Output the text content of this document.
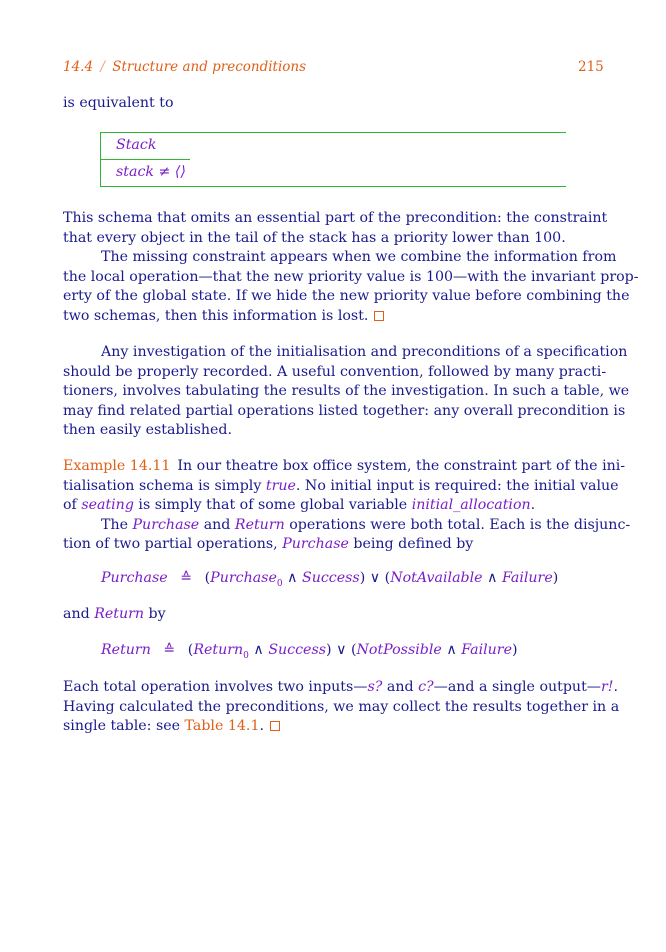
14.4 / Structure and preconditions	215
is equivalent to
Stack
stack ≠ ⟨⟩
This schema that omits an essential part of the precondition: the constraint
that every object in the tail of the stack has a priority lower than 100.
The missing constraint appears when we combine the information from
the local operation—that the new priority value is 100—with the invariant prop-
erty of the global state. If we hide the new priority value before combining the
two schemas, then this information is lost.
Any investigation of the initialisation and preconditions of a specification
should be properly recorded. A useful convention, followed by many practi-
tioners, involves tabulating the results of the investigation. In such a table, we
may find related partial operations listed together: any overall precondition is
then easily established.
Example 14.11 In our theatre box office system, the constraint part of the ini-
tialisation schema is simply true. No initial input is required: the initial value
of seating is simply that of some global variable initial_allocation.
The Purchase and Return operations were both total. Each is the disjunc-
tion of two partial operations, Purchase being defined by
Purchase ≙ (Purchase$_0$ ∧ Success) ∨ (NotAvailable ∧ Failure)
and Return by
Return ≙ (Return$_0$ ∧ Success) ∨ (NotPossible ∧ Failure)
Each total operation involves two inputs—s? and c?—and a single output—r!.
Having calculated the preconditions, we may collect the results together in a
single table: see Table 14.1.
